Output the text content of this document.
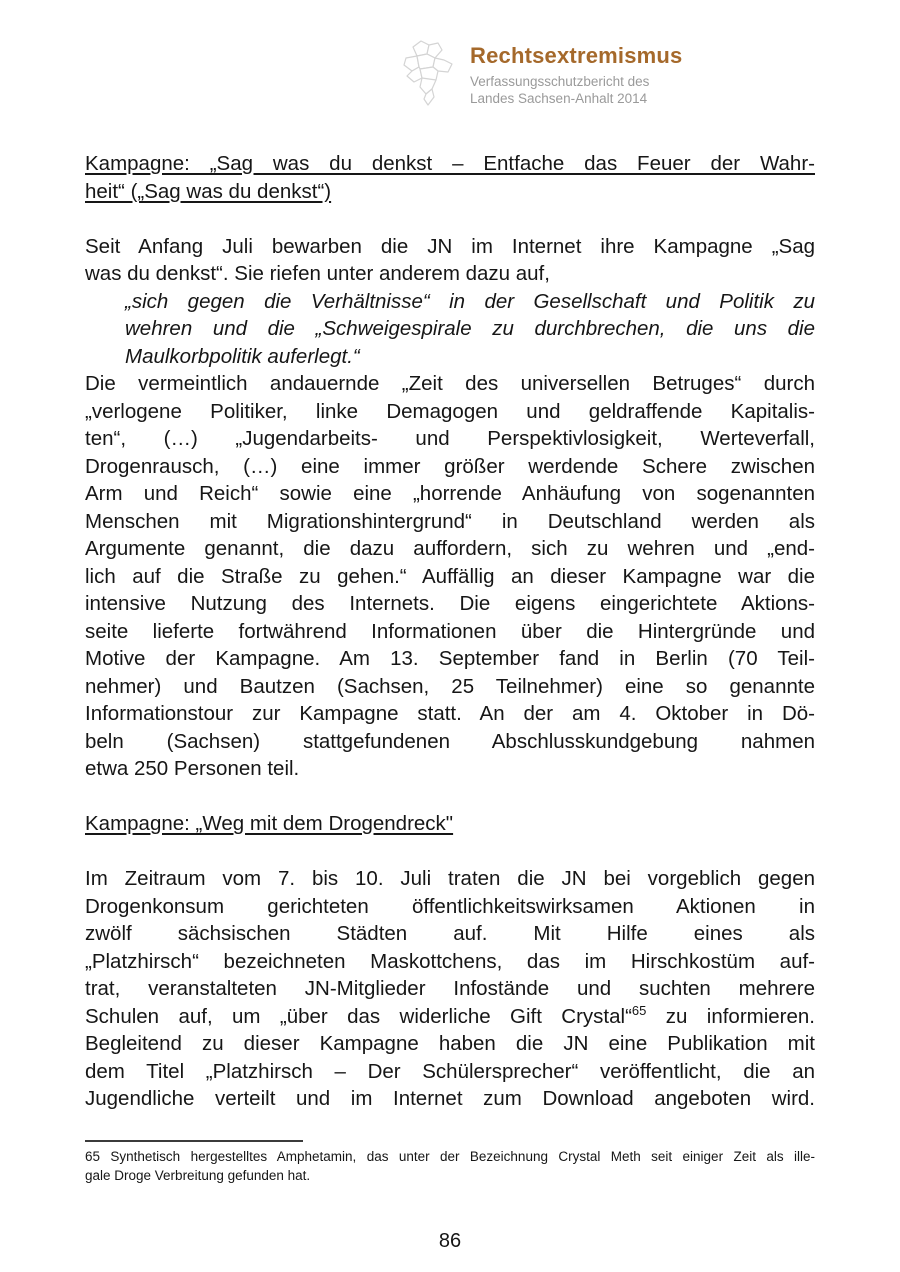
Rechtsextremismus
Verfassungsschutzbericht des
Landes Sachsen-Anhalt 2014
Kampagne: „Sag was du denkst – Entfache das Feuer der Wahr-
heit“ („Sag was du denkst“)
Seit Anfang Juli bewarben die JN im Internet ihre Kampagne „Sag
was du denkst“. Sie riefen unter anderem dazu auf,
„sich gegen die Verhältnisse“ in der Gesellschaft und Politik zu
wehren und die „Schweigespirale zu durchbrechen, die uns die
Maulkorbpolitik auferlegt.“
Die vermeintlich andauernde „Zeit des universellen Betruges“ durch
„verlogene Politiker, linke Demagogen und geldraffende Kapitalis-
ten“, (…) „Jugendarbeits- und Perspektivlosigkeit, Werteverfall,
Drogenrausch, (…) eine immer größer werdende Schere zwischen
Arm und Reich“ sowie eine „horrende Anhäufung von sogenannten
Menschen mit Migrationshintergrund“ in Deutschland werden als
Argumente genannt, die dazu auffordern, sich zu wehren und „end-
lich auf die Straße zu gehen.“ Auffällig an dieser Kampagne war die
intensive Nutzung des Internets. Die eigens eingerichtete Aktions-
seite lieferte fortwährend Informationen über die Hintergründe und
Motive der Kampagne. Am 13. September fand in Berlin (70 Teil-
nehmer) und Bautzen (Sachsen, 25 Teilnehmer) eine so genannte
Informationstour zur Kampagne statt. An der am 4. Oktober in Dö-
beln (Sachsen) stattgefundenen Abschlusskundgebung nahmen
etwa 250 Personen teil.
Kampagne: „Weg mit dem Drogendreck"
Im Zeitraum vom 7. bis 10. Juli traten die JN bei vorgeblich gegen
Drogenkonsum gerichteten öffentlichkeitswirksamen Aktionen in
zwölf sächsischen Städten auf. Mit Hilfe eines als
„Platzhirsch“ bezeichneten Maskottchens, das im Hirschkostüm auf-
trat, veranstalteten JN-Mitglieder Infostände und suchten mehrere
Schulen auf, um „über das widerliche Gift Crystal“$^{65}$ zu informieren.
Begleitend zu dieser Kampagne haben die JN eine Publikation mit
dem Titel „Platzhirsch – Der Schülersprecher“ veröffentlicht, die an
Jugendliche verteilt und im Internet zum Download angeboten wird.
65 Synthetisch hergestelltes Amphetamin, das unter der Bezeichnung Crystal Meth seit einiger Zeit als ille-
gale Droge Verbreitung gefunden hat.
86
